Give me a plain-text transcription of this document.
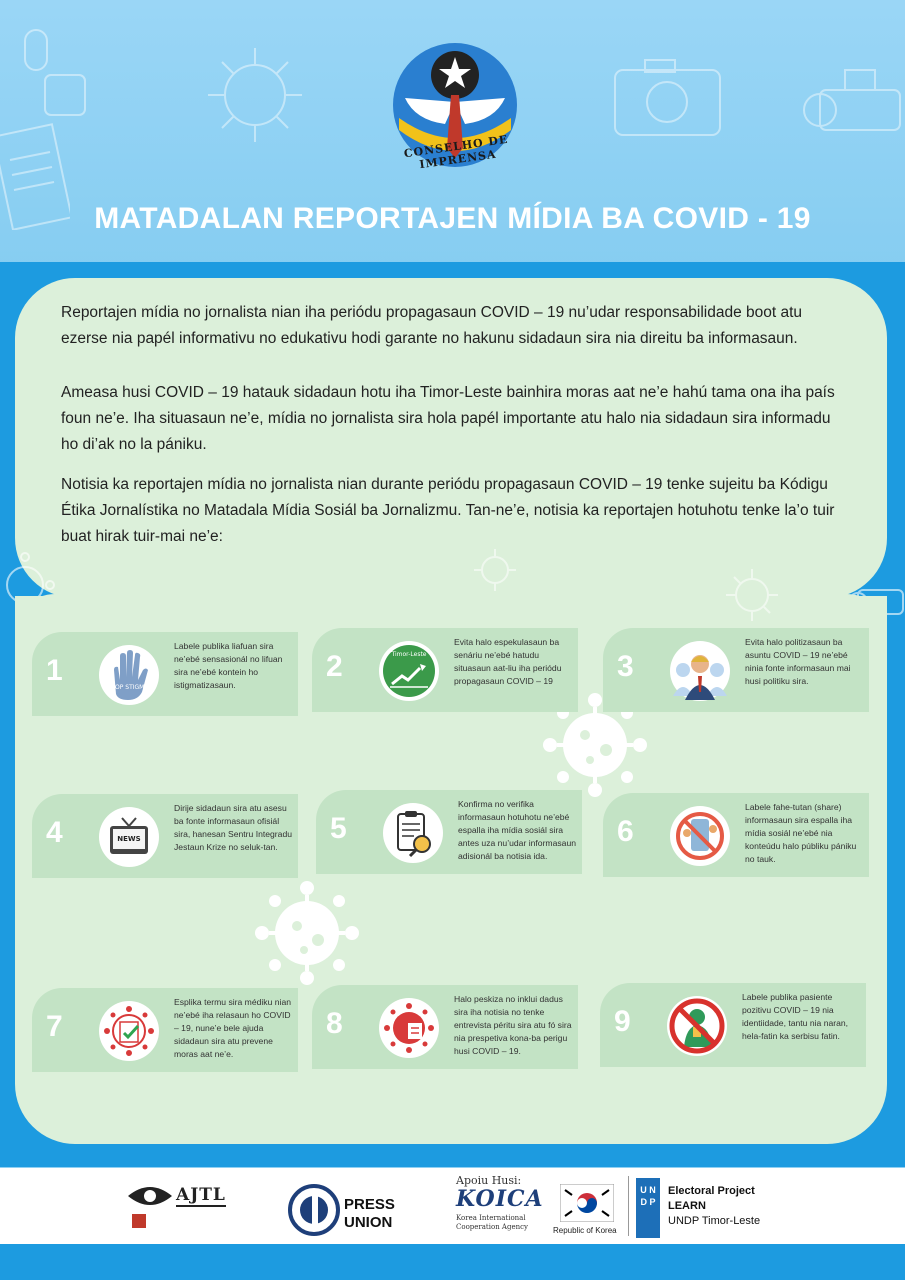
CONSELHO DE IMPRENSA
MATADALAN REPORTAJEN MÍDIA BA COVID - 19

Reportajen mídia no jornalista nian iha periódu propagasaun COVID – 19 nu’udar responsabilidade boot atu ezerse nia papél informativu no edukativu hodi garante no hakunu sidadaun sira nia direitu ba informasaun.

Ameasa husi COVID – 19 hatauk sidadaun hotu iha Timor-Leste bainhira moras aat ne’e hahú tama ona iha país foun ne’e. Iha situasaun ne’e, mídia no jornalista sira hola papél importante atu halo nia sidadaun sira informadu ho di’ak no la pániku.

Notisia ka reportajen mídia no jornalista nian durante periódu propagasaun COVID – 19 tenke sujeitu ba Kódigu Étika Jornalístika no Matadala Mídia Sosiál ba Jornalizmu. Tan-ne’e, notisia ka reportajen hotuhotu tenke la’o tuir buat hirak tuir-mai ne’e:

1
STOP STIGMA
Labele publika liafuan sira ne’ebé sensasionál no lifuan sira ne’ebé kontein ho istigmatizasaun.
2	Timor-Leste
Evita halo espekulasaun ba senáriu ne’ebé hatudu situasaun aat-liu iha periódu propagasaun COVID – 19	3
Evita halo politizasaun ba asuntu COVID – 19 ne’ebé ninia fonte informasaun mai husi politiku sira.
4	NEWS
Dirije sidadaun sira atu asesu ba fonte informasaun ofisiál sira, hanesan Sentru Integradu Jestaun Krize no seluk-tan.
5
Konfirma no verifika informasaun hotuhotu ne’ebé espalla iha mídia sosiál sira antes uza nu’udar informasaun adisionál ba notisia ida.
6
Labele fahe-tutan (share) informasaun sira espalla iha mídia sosiál ne’ebé nia konteúdu halo públiku pániku no tauk.
7
Esplika termu sira médiku nian ne’ebé iha relasaun ho COVID – 19, nune’e bele ajuda sidadaun sira atu prevene moras aat ne’e.
8
Halo peskiza no inklui dadus sira iha notisia no tenke entrevista péritu sira atu fó sira nia prespetiva kona-ba perigu husi COVID – 19.
9
Labele publika pasiente pozitivu COVID – 19 nia identiidade, tantu nia naran, hela-fatin ka serbisu fatin.
AJTL	PRESS
UNION
Apoiu Husi:
KOICA
Korea International Cooperation Agency	Republic of Korea
U N D P
Electoral Project
LEARN
UNDP Timor-Leste
